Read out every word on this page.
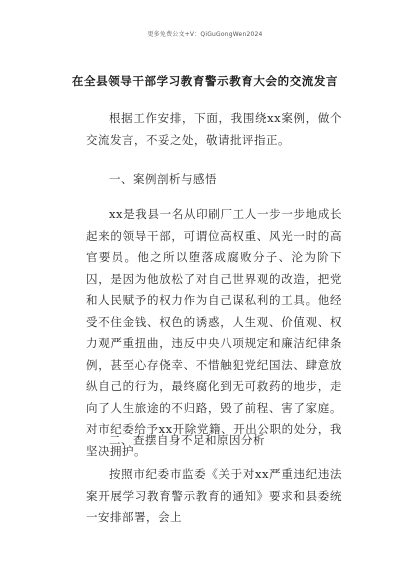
更多免费公文+V：QiGuGongWen2024
在全县领导干部学习教育警示教育大会的交流发言
根据工作安排，下面，我围绕xx案例，做个交流发言，不妥之处，敬请批评指正。
一、案例剖析与感悟
xx是我县一名从印刷厂工人一步一步地成长起来的领导干部，可谓位高权重、风光一时的高官要员。他之所以堕落成腐败分子、沦为阶下囚，是因为他放松了对自己世界观的改造，把党和人民赋予的权力作为自己谋私利的工具。他经受不住金钱、权色的诱惑，人生观、价值观、权力观严重扭曲，违反中央八项规定和廉洁纪律条例，甚至心存侥幸、不惜触犯党纪国法、肆意放纵自己的行为，最终腐化到无可救药的地步，走向了人生旅途的不归路，毁了前程、害了家庭。对市纪委给予xx开除党籍、开出公职的处分，我坚决拥护。
二、查摆自身不足和原因分析
按照市纪委市监委《关于对xx严重违纪违法案开展学习教育警示教育的通知》要求和县委统一安排部署，会上
